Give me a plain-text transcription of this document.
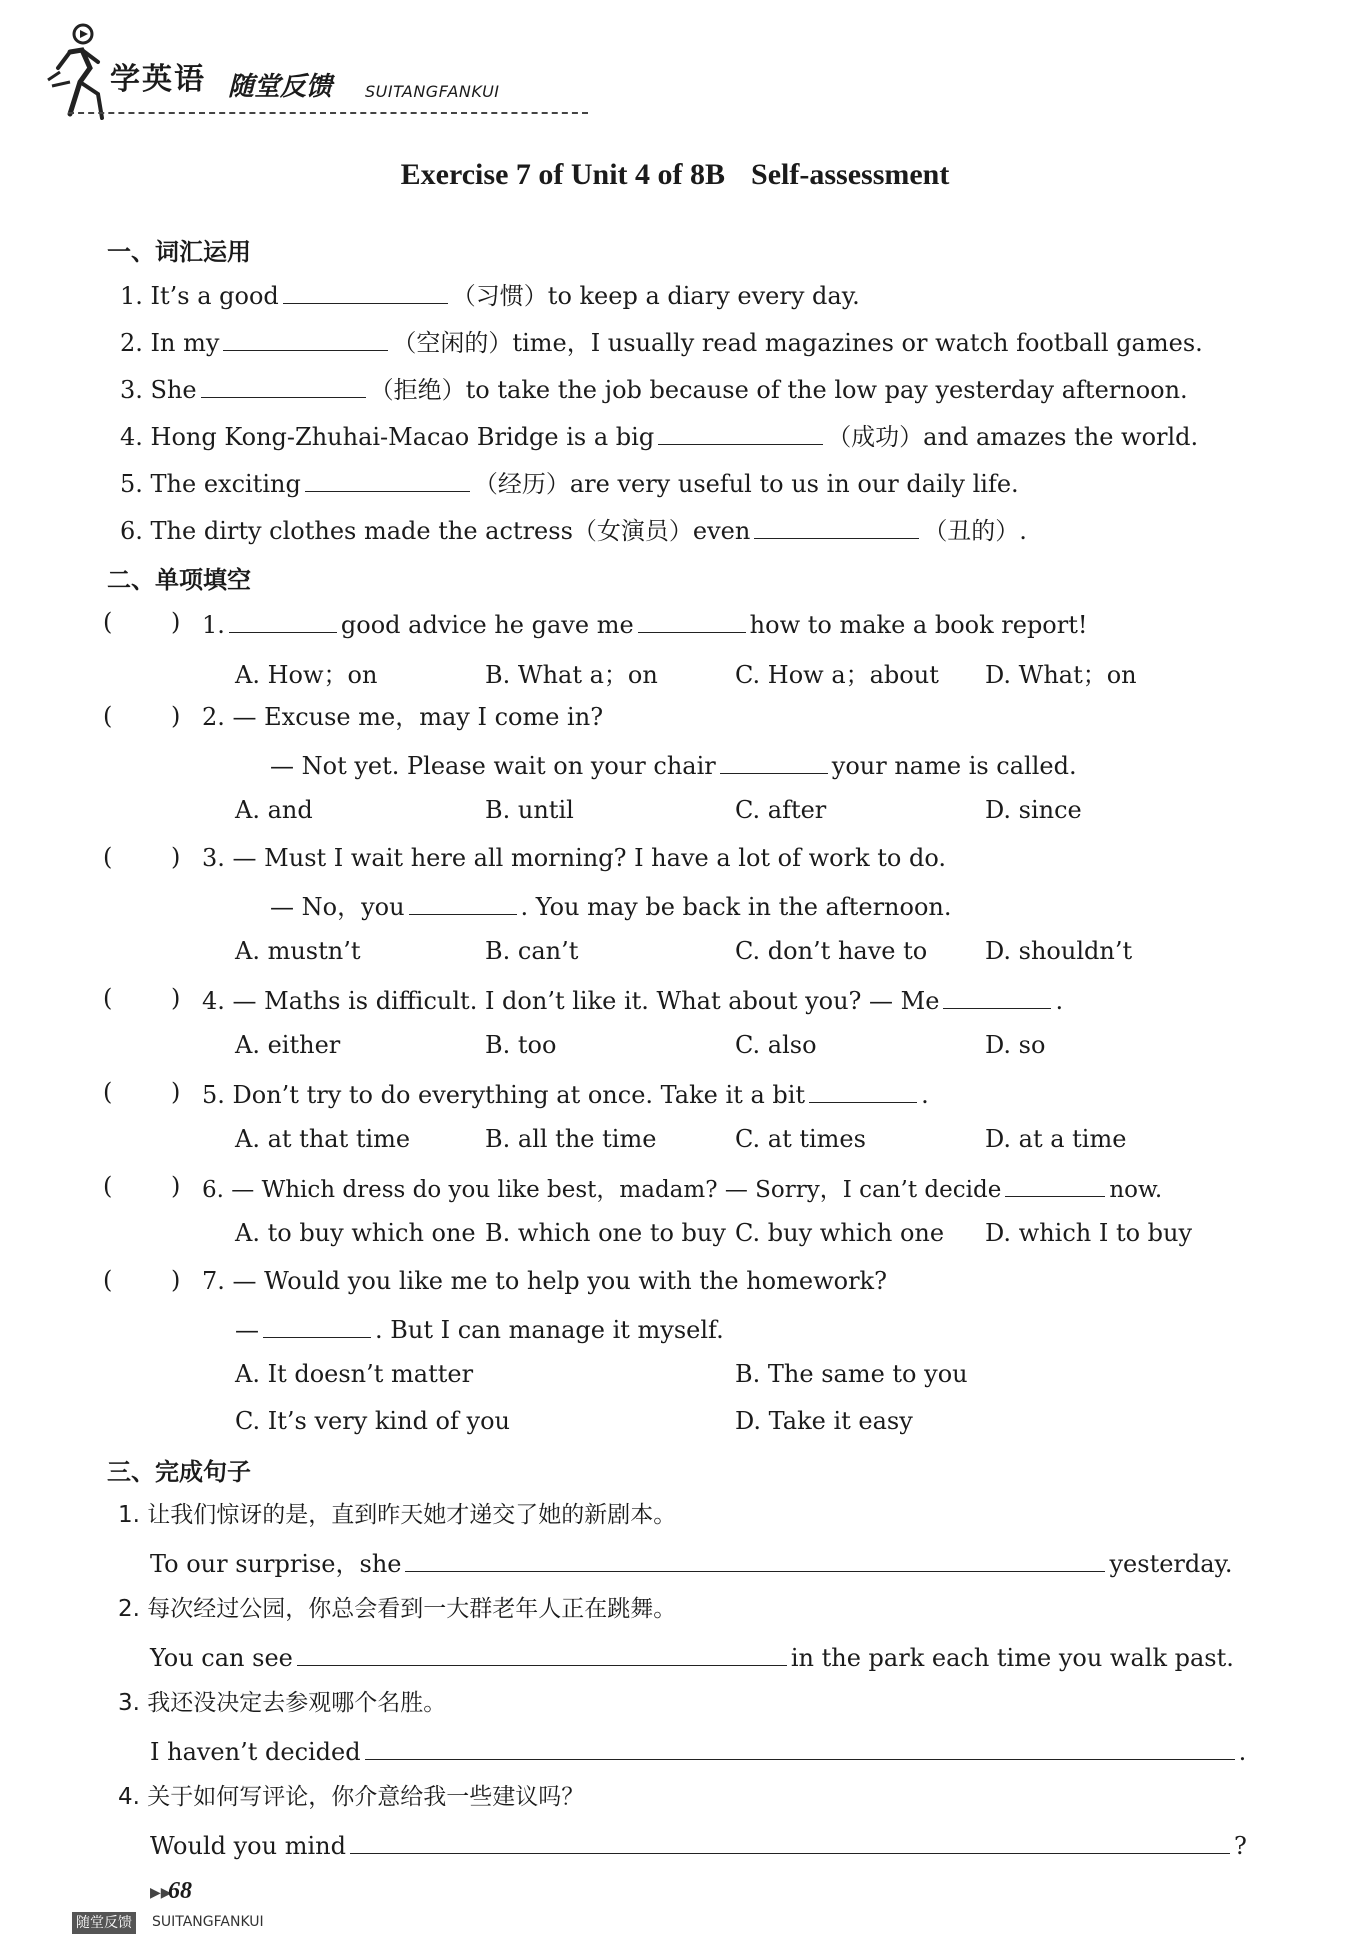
学英语 随堂反馈 SUITANGFANKUI
Exercise 7 of Unit 4 of 8B Self-assessment
一、词汇运用
1. It’s a good	（习惯）to keep a diary every day.
2. In my	（空闲的）time，I usually read magazines or watch football games.
3. She	（拒绝）to take the job because of the low pay yesterday afternoon.
4. Hong Kong-Zhuhai-Macao Bridge is a big	（成功）and amazes the world.
5. The exciting	（经历）are very useful to us in our daily life.
6. The dirty clothes made the actress（女演员）even	（丑的）.
二、单项填空
( ) 1.	good advice he gave me	how to make a book report!
A. How；on	B. What a；on	C. How a；about D. What；on
( ) 2. — Excuse me，may I come in?
— Not yet. Please wait on your chair	your name is called.
A. and	B. until	C. after	D. since
( ) 3. — Must I wait here all morning? I have a lot of work to do.
— No，you	. You may be back in the afternoon.
A. mustn’t	B. can’t	C. don’t have to D. shouldn’t
( ) 4. — Maths is difficult. I don’t like it. What about you? — Me	.
A. either	B. too	C. also	D. so
( ) 5. Don’t try to do everything at once. Take it a bit	.
A. at that time	B. all the time	C. at times	D. at a time
( ) 6. — Which dress do you like best，madam? — Sorry，I can’t decide	now.
A. to buy which one B. which one to buy C. buy which one D. which I to buy
( ) 7. — Would you like me to help you with the homework?
—	. But I can manage it myself.
A. It doesn’t matter	B. The same to you
C. It’s very kind of you	D. Take it easy
三、完成句子
1. 让我们惊讶的是，直到昨天她才递交了她的新剧本。
To our surprise，she	yesterday.
2. 每次经过公园，你总会看到一大群老年人正在跳舞。
You can see	in the park each time you walk past.
3. 我还没决定去参观哪个名胜。
I haven’t decided	.
4. 关于如何写评论，你介意给我一些建议吗？
Would you mind	?
▶▶
68
随堂反馈 SUITANGFANKUI
